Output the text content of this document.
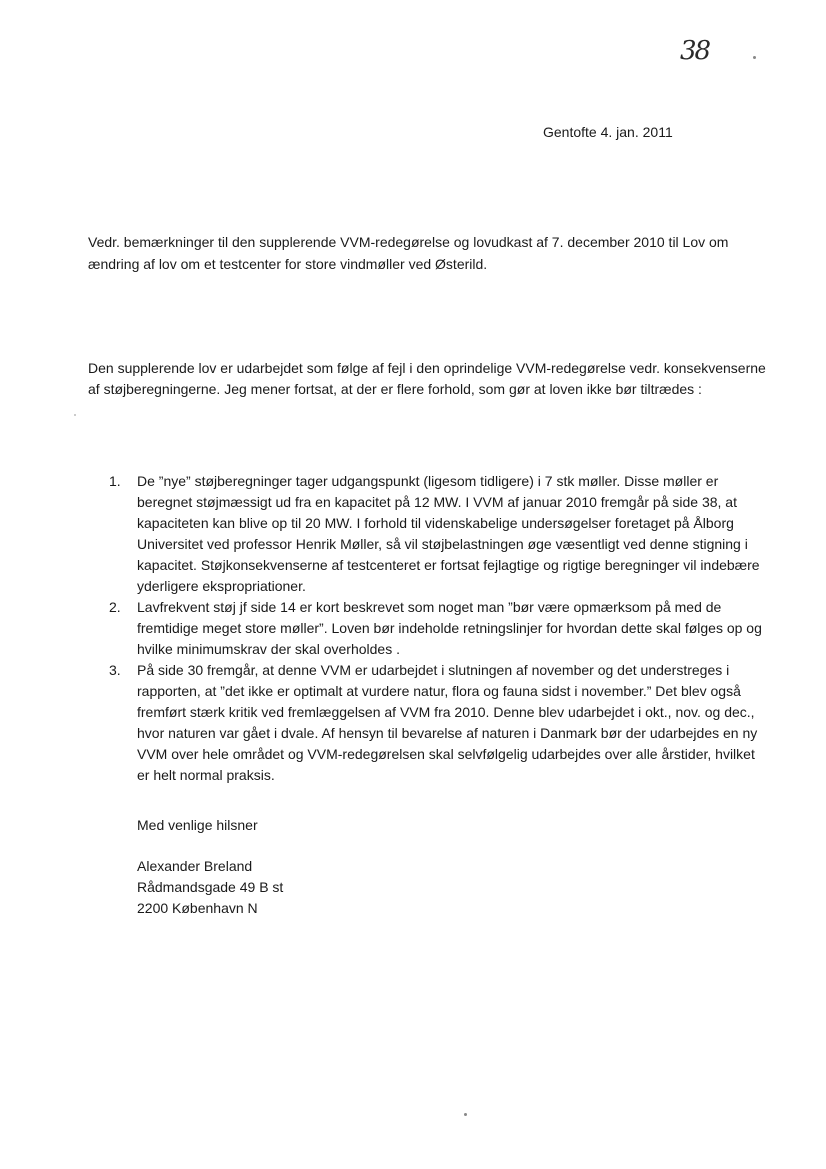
38
Gentofte 4. jan. 2011
Vedr. bemærkninger til den supplerende VVM-redegørelse og lovudkast af 7. december 2010 til Lov om ændring af lov om et testcenter for store vindmøller ved Østerild.
Den supplerende lov er udarbejdet som følge af fejl i den oprindelige VVM-redegørelse vedr. konsekvenserne af støjberegningerne. Jeg mener fortsat, at der er flere forhold, som gør at loven ikke bør tiltrædes :
1. De ”nye” støjberegninger tager udgangspunkt (ligesom tidligere) i 7 stk møller. Disse møller er beregnet støjmæssigt ud fra en kapacitet på 12 MW. I VVM af januar 2010 fremgår på side 38, at kapaciteten kan blive op til 20 MW. I forhold til videnskabelige undersøgelser foretaget på Ålborg Universitet ved professor Henrik Møller, så vil støjbelastningen øge væsentligt ved denne stigning i kapacitet. Støjkonsekvenserne af testcenteret er fortsat fejlagtige og rigtige beregninger vil indebære yderligere ekspropriationer.
2. Lavfrekvent støj jf side 14 er kort beskrevet som noget man ”bør være opmærksom på med de fremtidige meget store møller”. Loven bør indeholde retningslinjer for hvordan dette skal følges op og hvilke minimumskrav der skal overholdes .
3. På side 30 fremgår, at denne VVM er udarbejdet i slutningen af november og det understreges i rapporten, at ”det ikke er optimalt at vurdere natur, flora og fauna sidst i november.” Det blev også fremført stærk kritik ved fremlæggelsen af VVM fra 2010. Denne blev udarbejdet i okt., nov. og dec., hvor naturen var gået i dvale. Af hensyn til bevarelse af naturen i Danmark bør der udarbejdes en ny VVM over hele området og VVM-redegørelsen skal selvfølgelig udarbejdes over alle årstider, hvilket er helt normal praksis.
Med venlige hilsner
Alexander Breland
Rådmandsgade 49 B st
2200 København N
